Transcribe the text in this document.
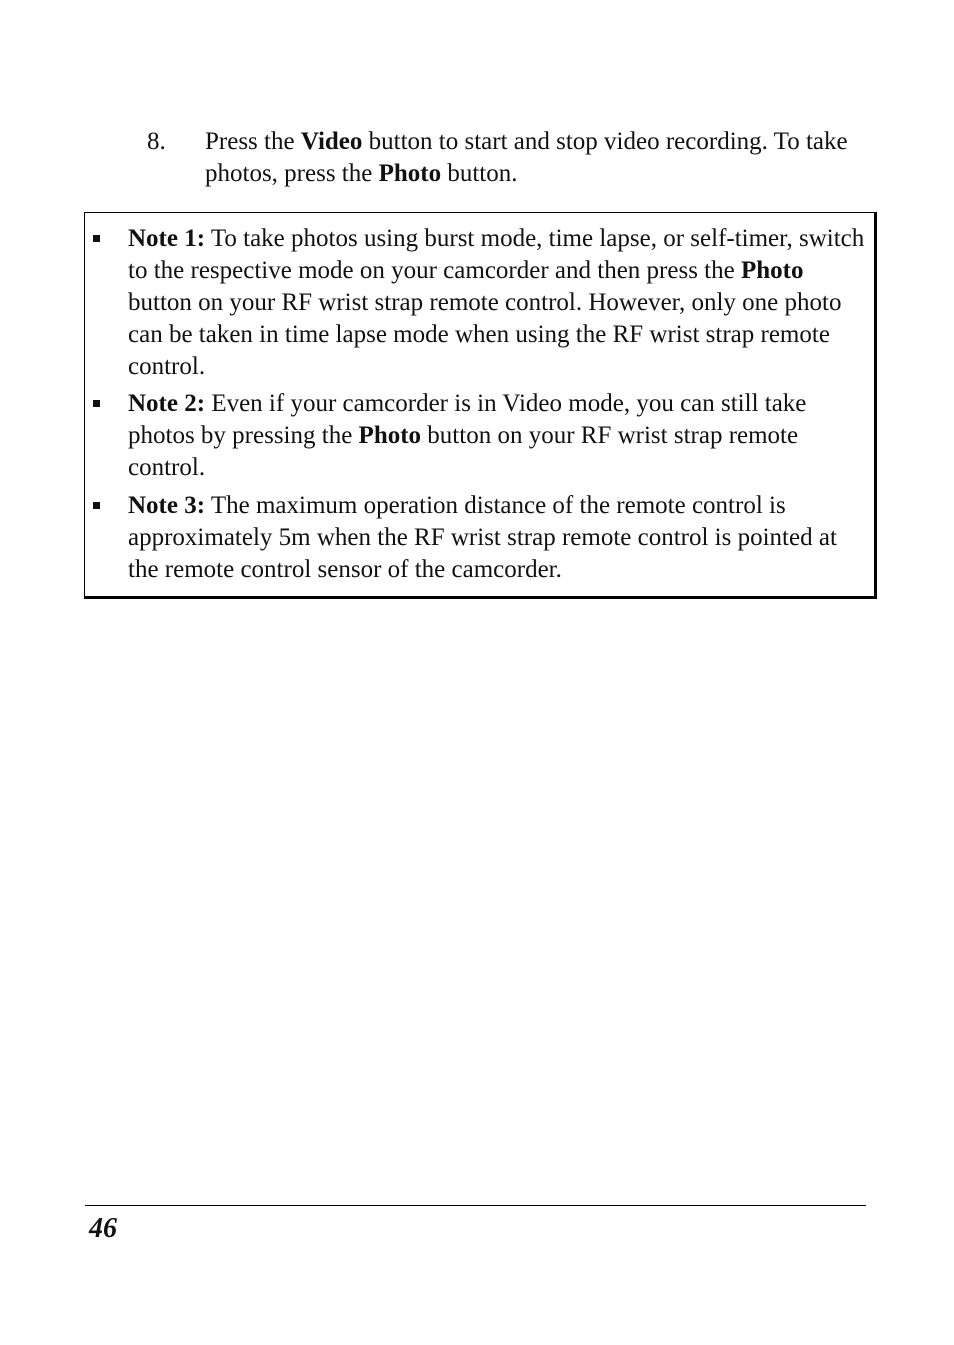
8. Press the Video button to start and stop video recording. To take photos, press the Photo button.
Note 1: To take photos using burst mode, time lapse, or self-timer, switch to the respective mode on your camcorder and then press the Photo button on your RF wrist strap remote control. However, only one photo can be taken in time lapse mode when using the RF wrist strap remote control.
Note 2: Even if your camcorder is in Video mode, you can still take photos by pressing the Photo button on your RF wrist strap remote control.
Note 3: The maximum operation distance of the remote control is approximately 5m when the RF wrist strap remote control is pointed at the remote control sensor of the camcorder.
46
